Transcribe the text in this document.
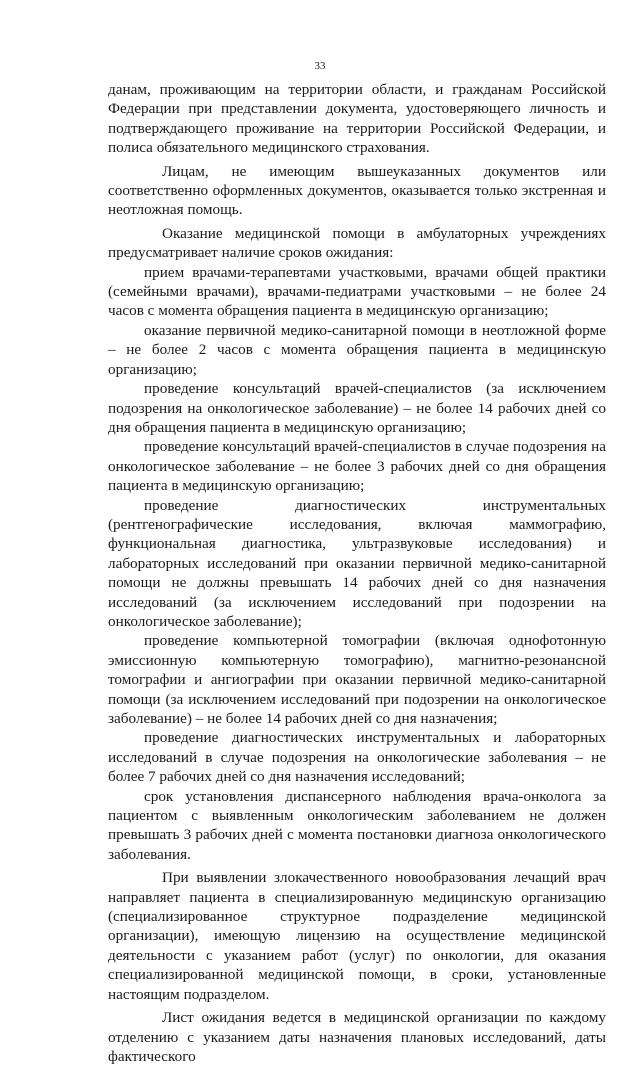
33

данам, проживающим на территории области, и гражданам Российской Федерации при представлении документа, удостоверяющего личность и подтверждающего проживание на территории Российской Федерации, и полиса обязательного медицинского страхования.

Лицам, не имеющим вышеуказанных документов или соответственно оформленных документов, оказывается только экстренная и неотложная помощь.

Оказание медицинской помощи в амбулаторных учреждениях предусматривает наличие сроков ожидания:

прием врачами-терапевтами участковыми, врачами общей практики (семейными врачами), врачами-педиатрами участковыми – не более 24 часов с момента обращения пациента в медицинскую организацию;

оказание первичной медико-санитарной помощи в неотложной форме – не более 2 часов с момента обращения пациента в медицинскую организацию;

проведение консультаций врачей-специалистов (за исключением подозрения на онкологическое заболевание) – не более 14 рабочих дней со дня обращения пациента в медицинскую организацию;

проведение консультаций врачей-специалистов в случае подозрения на онкологическое заболевание – не более 3 рабочих дней со дня обращения пациента в медицинскую организацию;

проведение диагностических инструментальных (рентгенографические исследования, включая маммографию, функциональная диагностика, ультразвуковые исследования) и лабораторных исследований при оказании первичной медико-санитарной помощи не должны превышать 14 рабочих дней со дня назначения исследований (за исключением исследований при подозрении на онкологическое заболевание);

проведение компьютерной томографии (включая однофотонную эмиссионную компьютерную томографию), магнитно-резонансной томографии и ангиографии при оказании первичной медико-санитарной помощи (за исключением исследований при подозрении на онкологическое заболевание) – не более 14 рабочих дней со дня назначения;

проведение диагностических инструментальных и лабораторных исследований в случае подозрения на онкологические заболевания – не более 7 рабочих дней со дня назначения исследований;

срок установления диспансерного наблюдения врача-онколога за пациентом с выявленным онкологическим заболеванием не должен превышать 3 рабочих дней с момента постановки диагноза онкологического заболевания.

При выявлении злокачественного новообразования лечащий врач направляет пациента в специализированную медицинскую организацию (специализированное структурное подразделение медицинской организации), имеющую лицензию на осуществление медицинской деятельности с указанием работ (услуг) по онкологии, для оказания специализированной медицинской помощи, в сроки, установленные настоящим подразделом.

Лист ожидания ведется в медицинской организации по каждому отделению с указанием даты назначения плановых исследований, даты фактического
